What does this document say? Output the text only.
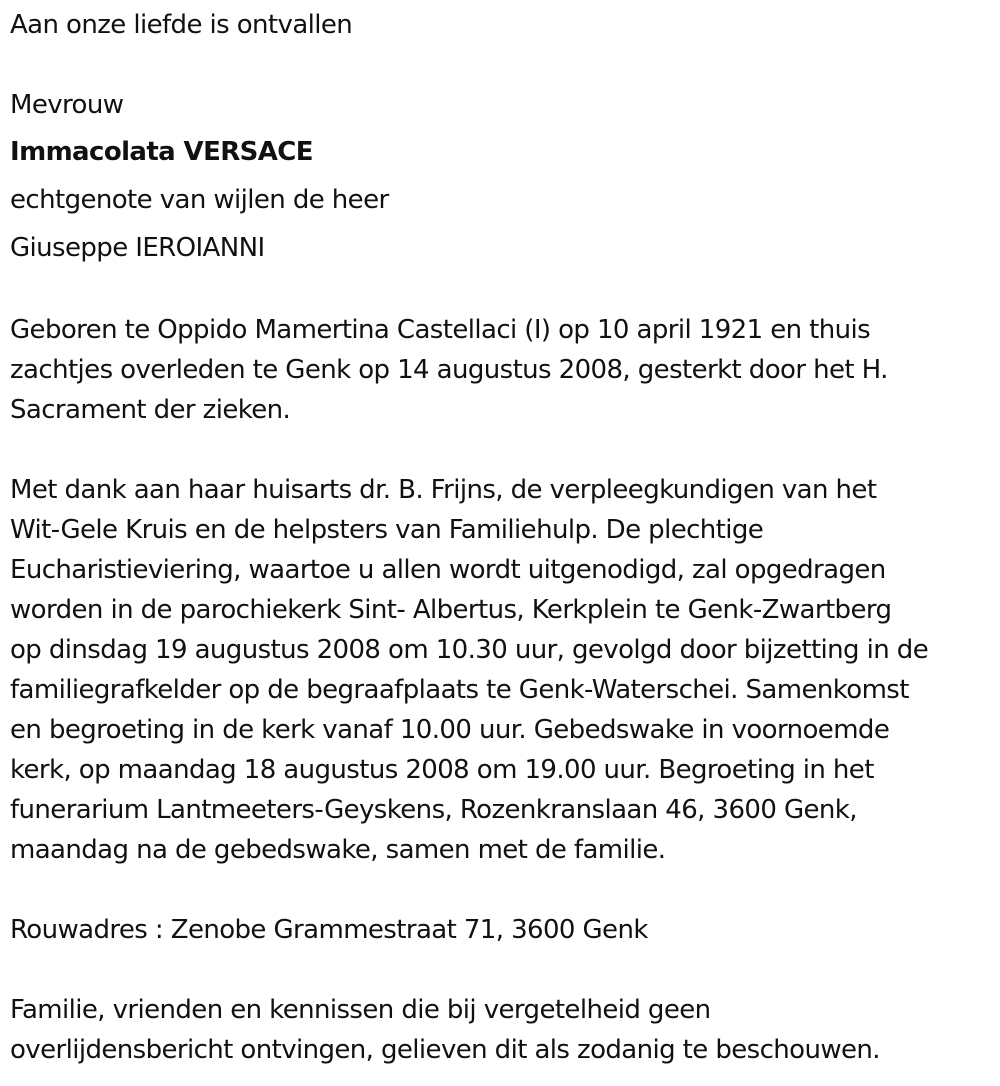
Aan onze liefde is ontvallen

Mevrouw

Immacolata VERSACE

echtgenote van wijlen de heer

Giuseppe IEROIANNI

Geboren te Oppido Mamertina Castellaci (I) op 10 april 1921 en thuis

zachtjes overleden te Genk op 14 augustus 2008, gesterkt door het H.

Sacrament der zieken.

Met dank aan haar huisarts dr. B. Frijns, de verpleegkundigen van het

Wit-Gele Kruis en de helpsters van Familiehulp. De plechtige

Eucharistieviering, waartoe u allen wordt uitgenodigd, zal opgedragen

worden in de parochiekerk Sint- Albertus, Kerkplein te Genk-Zwartberg

op dinsdag 19 augustus 2008 om 10.30 uur, gevolgd door bijzetting in de

familiegrafkelder op de begraafplaats te Genk-Waterschei. Samenkomst

en begroeting in de kerk vanaf 10.00 uur. Gebedswake in voornoemde

kerk, op maandag 18 augustus 2008 om 19.00 uur. Begroeting in het

funerarium Lantmeeters-Geyskens, Rozenkranslaan 46, 3600 Genk,

maandag na de gebedswake, samen met de familie.

Rouwadres : Zenobe Grammestraat 71, 3600 Genk

Familie, vrienden en kennissen die bij vergetelheid geen

overlijdensbericht ontvingen, gelieven dit als zodanig te beschouwen.
